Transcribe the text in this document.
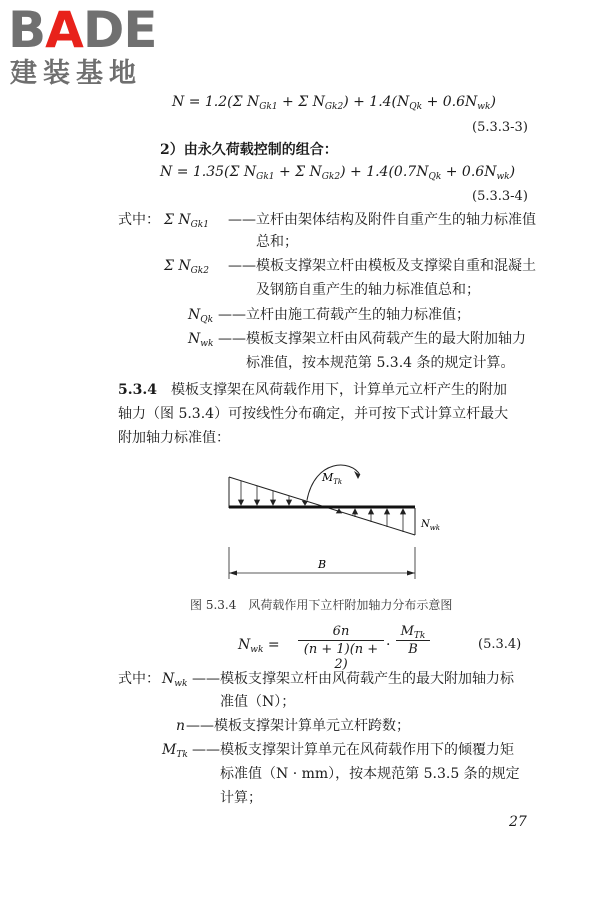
BADE
建装基地
N = 1.2(Σ $N_{Gk1} + \Sigma$ $N_{Gk2}) + 1.4(N_{Qk} + 0.6N_{wk})$
(5.3.3-3)
2）由永久荷载控制的组合：
N = 1.35(Σ $N_{Gk1} + \Sigma$ $N_{Gk2}) + 1.4(0.7N_{Qk} + 0.6N_{wk})$
(5.3.3-4)
式中： Σ $N_{Gk1}$ ——立杆由架体结构及附件自重产生的轴力标准值
总和；
Σ $N_{Gk2}$ ——模板支撑架立杆由模板及支撑梁自重和混凝土
及钢筋自重产生的轴力标准值总和；
$N_{Qk}$ ——立杆由施工荷载产生的轴力标准值；
$N_{wk}$ ——模板支撑架立杆由风荷载产生的最大附加轴力
标准值，按本规范第 5.3.4 条的规定计算。
5.3.4　 模板支撑架在风荷载作用下，计算单元立杆产生的附加
轴力（图 5.3.4）可按线性分布确定，并可按下式计算立杆最大
附加轴力标准值：
$M_{Tk}$
$N_{wk}$
B
图 5.3.4　风荷载作用下立杆附加轴力分布示意图
$N_{wk}$ =
6n
(n + 1)(n + 2)
·
$M_{Tk}$
B	(5.3.4)
式中： $N_{wk}$ ——模板支撑架立杆由风荷载产生的最大附加轴力标
准值（N）；
n ——模板支撑架计算单元立杆跨数；
$M_{Tk}$ ——模板支撑架计算单元在风荷载作用下的倾覆力矩
标准值（N · mm），按本规范第 5.3.5 条的规定
计算；
27
